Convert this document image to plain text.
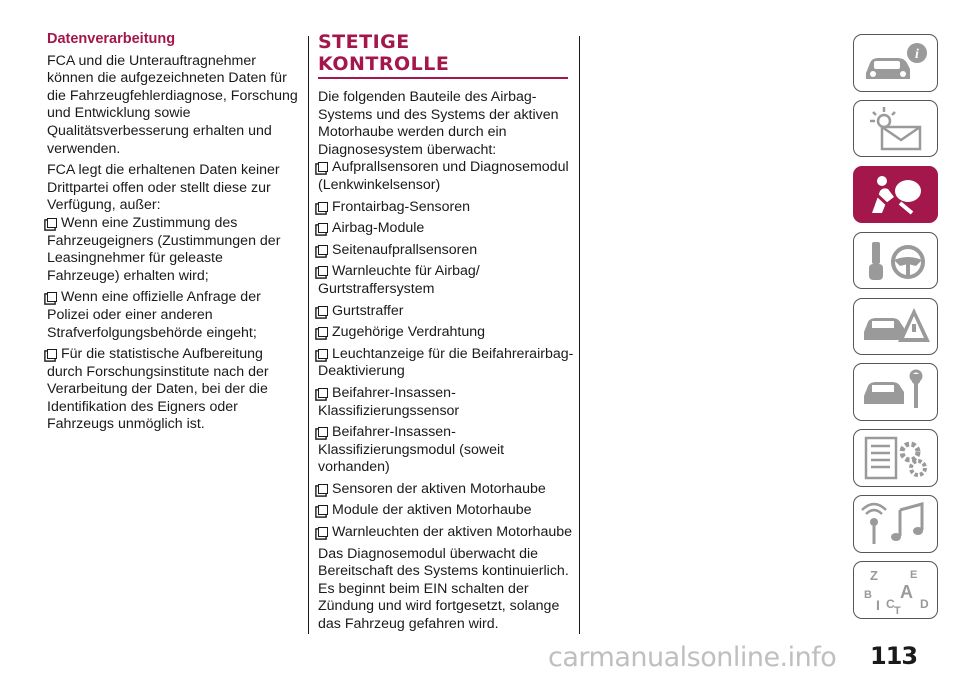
Datenverarbeitung

FCA und die Unterauftragnehmer können die aufgezeichneten Daten für die Fahrzeugfehlerdiagnose, Forschung und Entwicklung sowie Qualitätsverbesserung erhalten und verwenden.

FCA legt die erhaltenen Daten keiner Drittpartei offen oder stellt diese zur Verfügung, außer:

Wenn eine Zustimmung des Fahrzeugeigners (Zustimmungen der Leasingnehmer für geleaste Fahrzeuge) erhalten wird;

Wenn eine offizielle Anfrage der Polizei oder einer anderen Strafverfolgungsbehörde eingeht;

Für die statistische Aufbereitung durch Forschungsinstitute nach der Verarbeitung der Daten, bei der die Identifikation des Eigners oder Fahrzeugs unmöglich ist.

STETIGE

KONTROLLE

Die folgenden Bauteile des Airbag-Systems und des Systems der aktiven Motorhaube werden durch ein Diagnosesystem überwacht:

Aufprallsensoren und Diagnosemodul (Lenkwinkelsensor)

Frontairbag-Sensoren

Airbag-Module

Seitenaufprallsensoren

Warnleuchte für Airbag/ Gurtstraffersystem

Gurtstraffer

Zugehörige Verdrahtung

Leuchtanzeige für die Beifahrerairbag-Deaktivierung

Beifahrer-Insassen-Klassifizierungssensor

Beifahrer-Insassen-Klassifizierungsmodul (soweit vorhanden)

Sensoren der aktiven Motorhaube

Module der aktiven Motorhaube

Warnleuchten der aktiven Motorhaube

Das Diagnosemodul überwacht die Bereitschaft des Systems kontinuierlich. Es beginnt beim EIN schalten der Zündung und wird fortgesetzt, solange das Fahrzeug gefahren wird.

i
Z	E
B A
C
I	D
T
carmanualsonline.info 113
